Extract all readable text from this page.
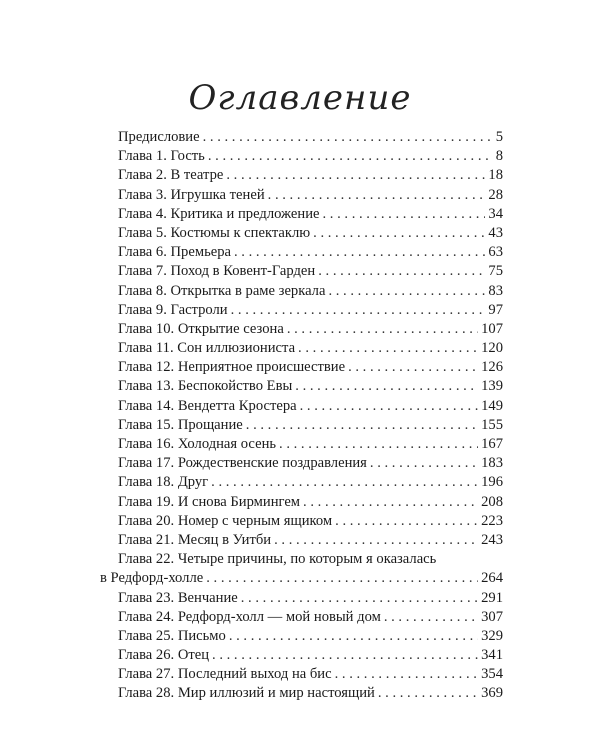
Оглавление
Предисловие . . .	5
Глава 1. Гость . . .	8
Глава 2. В театре . . .	18
Глава 3. Игрушка теней . . .	28
Глава 4. Критика и предложение . . .	34
Глава 5. Костюмы к спектаклю . . .	43
Глава 6. Премьера . . .	63
Глава 7. Поход в Ковент-Гарден . . .	75
Глава 8. Открытка в раме зеркала . . .	83
Глава 9. Гастроли . . .	97
Глава 10. Открытие сезона . . .	107
Глава 11. Сон иллюзиониста . . .	120
Глава 12. Неприятное происшествие . . .	126
Глава 13. Беспокойство Евы . . .	139
Глава 14. Вендетта Кростера . . .	149
Глава 15. Прощание . . .	155
Глава 16. Холодная осень . . .	167
Глава 17. Рождественские поздравления . . .	183
Глава 18. Друг . . .	196
Глава 19. И снова Бирмингем . . .	208
Глава 20. Номер с черным ящиком . . .	223
Глава 21. Месяц в Уитби . . .	243
Глава 22. Четыре причины, по которым я оказалась
в Редфорд-холле . . .	264
Глава 23. Венчание . . .	291
Глава 24. Редфорд-холл — мой новый дом . . .	307
Глава 25. Письмо . . .	329
Глава 26. Отец . . .	341
Глава 27. Последний выход на бис . . .	354
Глава 28. Мир иллюзий и мир настоящий . . .	369
